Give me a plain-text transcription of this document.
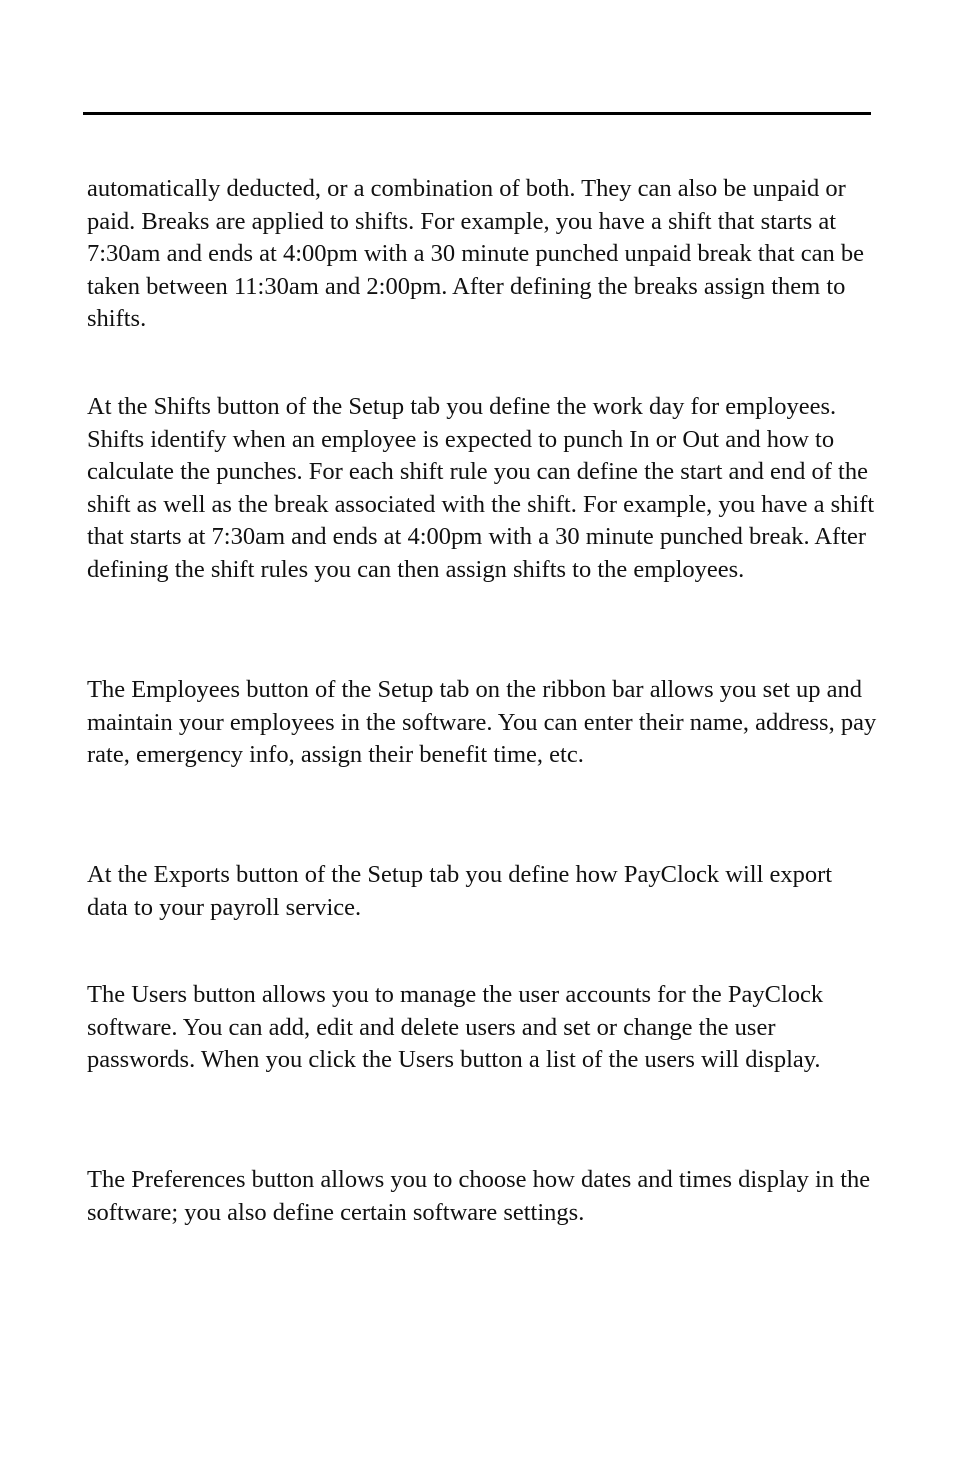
automatically deducted, or a combination of both. They can also be unpaid or paid. Breaks are applied to shifts. For example, you have a shift that starts at 7:30am and ends at 4:00pm with a 30 minute punched unpaid break that can be taken between 11:30am and 2:00pm. After defining the breaks assign them to shifts.

At the Shifts button of the Setup tab you define the work day for employees. Shifts identify when an employee is expected to punch In or Out and how to calculate the punches. For each shift rule you can define the start and end of the shift as well as the break associated with the shift. For example, you have a shift that starts at 7:30am and ends at 4:00pm with a 30 minute punched break. After defining the shift rules you can then assign shifts to the employees.

The Employees button of the Setup tab on the ribbon bar allows you set up and maintain your employees in the software. You can enter their name, address, pay rate, emergency info, assign their benefit time, etc.

At the Exports button of the Setup tab you define how PayClock will export data to your payroll service.

The Users button allows you to manage the user accounts for the PayClock software. You can add, edit and delete users and set or change the user passwords. When you click the Users button a list of the users will display.

The Preferences button allows you to choose how dates and times display in the software; you also define certain software settings.
